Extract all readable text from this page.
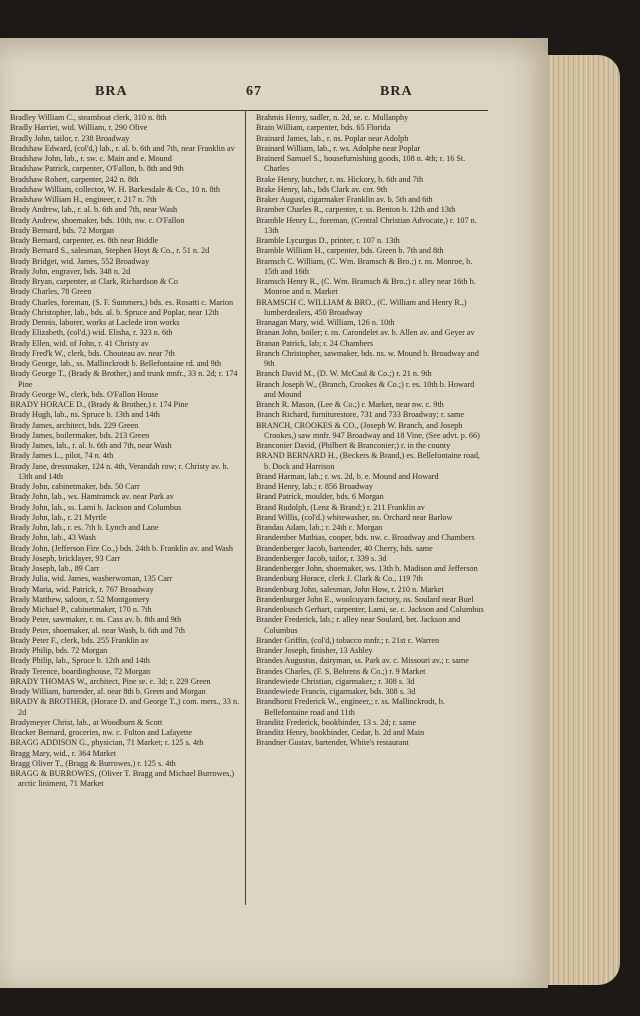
BRA	67	BRA
Bradley William C., steamboat clerk, 310 n. 8th
Bradly Harriet, wid. William, r. 290 Olive
Bradly John, tailor, r. 238 Broadway
Bradshaw Edward, (col'd,) lab., r. al. b. 6th and 7th, near Franklin av
Bradshaw John, lab., r. sw. c. Main and e. Mound
Bradshaw Patrick, carpenter, O'Fallon, b. 8th and 9th
Bradshaw Robert, carpenter, 242 n. 8th
Bradshaw William, collector, W. H. Barkesdale & Co., 10 n. 8th
Bradshaw William H., engineer, r. 217 n. 7th
Brady Andrew, lab., r. al. b. 6th and 7th, near Wash
Brady Andrew, shoemaker, bds. 10th, nw. c. O'Fallon
Brady Bernard, bds. 72 Morgan
Brady Bernard, carpenter, es. 8th near Biddle
Brady Bernard S., salesman, Stephen Hoyt & Co., r. 51 n. 2d
Brady Bridget, wid. James, 552 Broadway
Brady John, engraver, bds. 348 n. 2d
Brady Bryan, carpenter, at Clark, Richardson & Co
Brady Charles, 78 Green
Brady Charles, foreman, (S. F. Summers,) bds. es. Rosatti c. Marion
Brady Christopher, lab., bds. al. b. Spruce and Poplar, near 12th
Brady Dennis, laborer, works at Laclede iron works
Brady Elizabeth, (col'd,) wid. Elisha, r. 323 n. 6th
Brady Ellen, wid. of John, r. 41 Christy av
Brady Fred'k W., clerk, bds. Chouteau av. near 7th
Brady George, lab., ss. Mallinckrodt b. Bellefontaine rd. and 9th
Brady George T., (Brady & Brother,) and trunk mnfr., 33 n. 2d; r. 174 Pine
Brady George W., clerk, bds. O'Fallon House
BRADY HORACE D., (Brady & Brother,) r. 174 Pine
Brady Hugh, lab., ns. Spruce b. 13th and 14th
Brady James, architect, bds. 229 Green
Brady James, boilermaker, bds. 213 Green
Brady James, lab., r. al. b. 6th and 7th, near Wash
Brady James L., pilot, 74 n. 4th
Brady Jane, dressmaker, 124 n. 4th, Verandah row; r. Christy av. b. 13th and 14th
Brady John, cabinetmaker, bds. 50 Carr
Brady John, lab., ws. Hamtramck av. near Park av
Brady John, lab., ss. Lami b. Jackson and Columbus
Brady John, lab., r. 21 Myrtle
Brady John, lab., r. es. 7th b. Lynch and Lane
Brady John, lab., 43 Wash
Brady John, (Jefferson Fire Co.,) bds. 24th b. Franklin av. and Wash
Brady Joseph, bricklayer, 93 Carr
Brady Joseph, lab., 89 Carr
Brady Julia, wid. James, washerwoman, 135 Carr
Brady Maria, wid. Patrick, r. 767 Broadway
Brady Matthew, saloon, r. 52 Montgomery
Brady Michael P., cabinetmaker, 170 n. 7th
Brady Peter, sawmaker, r. ns. Cass av. b. 8th and 9th
Brady Peter, shoemaker, al. near Wash, b. 6th and 7th
Brady Peter F., clerk, bds. 255 Franklin av
Brady Philip, bds. 72 Morgan
Brady Philip, lab., Spruce b. 12th and 14th
Brady Terence, boardinghouse, 72 Morgan
BRADY THOMAS W., architect, Pine se. c. 3d; r. 229 Green
Brady William, bartender, al. near 8th b. Green and Morgan
BRADY & BROTHER, (Horace D. and George T.,) com. mers., 33 n. 2d
Bradymeyer Christ, lab., at Woodburn & Scott
Bracker Bernard, groceries, nw. c. Fulton and Lafayette
BRAGG ADDISON G., physician, 71 Market; r. 125 s. 4th
Bragg Mary, wid., r. 364 Market
Bragg Oliver T., (Bragg & Burrowes,) r. 125 s. 4th
BRAGG & BURROWES, (Oliver T. Bragg and Michael Burrowes,) arctic liniment, 71 Market
Brahmis Henry, sadler, n. 2d, se. c. Mullanphy
Brain William, carpenter, bds. 65 Florida
Brainard James, lab., r. ns. Poplar near Adolph
Brainard William, lab., r. ws. Adolphe near Poplar
Brainerd Samuel S., housefurnishing goods, 108 n. 4th; r. 16 St. Charles
Brake Henry, butcher, r. ns. Hickory, b. 6th and 7th
Brake Henry, lab., bds Clark av. cor. 9th
Braker August, cigarmaker Franklin av. b. 5th and 6th
Bramber Charles R., carpenter, r. ss. Benton b. 12th and 13th
Bramble Henry L., foreman, (Central Christian Advocate,) r. 107 n. 13th
Bramble Lycurgus D., printer, r. 107 n. 13th
Bramble William H., carpenter, bds. Green b. 7th and 8th
Bramsch C. William, (C. Wm. Bramsch & Bro.;) r. ns. Monroe, b. 15th and 16th
Bramsch Henry R., (C. Wm. Bramsch & Bro.;) r. alley near 16th b. Monroe and n. Market
BRAMSCH C. WILLIAM & BRO., (C. William and Henry R.,) lumberdealers, 450 Broadway
Branagan Mary, wid. William, 126 n. 10th
Branan John, boiler; r. ns. Carondelet av. b. Allen av. and Geyer av
Branan Patrick, lab; r. 24 Chambers
Branch Christopher, sawmaker, bds. ns. w. Mound b. Broadway and 9th
Branch David M., (D. W. McCaul & Co.;) r. 21 n. 9th
Branch Joseph W., (Branch, Crookes & Co.;) r. es. 10th b. Howard and Mound
Branch R. Mason, (Lee & Co.;) r. Market, near nw. c. 9th
Branch Richard, furniturestore, 731 and 733 Broadway; r. same
BRANCH, CROOKES & CO., (Joseph W. Branch, and Joseph Crookes,) saw mnfr. 947 Broadway and 18 Vine, (See advt. p. 66)
Branconier David, (Philbert & Branconier;) r. in the county
BRAND BERNARD H., (Beckers & Brand,) es. Bellefontaine road, b. Dock and Harrison
Brand Harman, lab.; r. ws. 2d, b. e. Mound and Howard
Brand Henry, lab.; r. 856 Broadway
Brand Patrick, moulder, bds. 6 Morgan
Brand Rudolph, (Lenz & Brand;) r. 211 Franklin av
Brand Willis, (col'd.) whitewasher, ns. Orchard near Barlow
Brandau Adam, lab.; r. 24th c. Morgan
Brandember Mathias, cooper, bds. nw. c. Broadway and Chambers
Brandenberger Jacob, bartender, 40 Cherry, bds. same
Brandenberger Jacob, tailor, r. 339 s. 3d
Brandenberger John, shoemaker, ws. 13th b. Madison and Jefferson
Brandenburg Horace, clerk J. Clark & Co., 119 7th
Brandenburg John, salesman, John How, r. 210 n. Market
Brandenburger John E., woolcuyarn factory, ns. Soulard near Buel
Brandenbusch Gerhart, carpenter, Lami, se. c. Jackson and Columbus
Brander Frederick, lab.; r. alley near Soulard, bet. Jackson and Columbus
Brander Griffin, (col'd,) tobacco mnfr.; r. 21st c. Warren
Brander Joseph, finisher, 13 Ashley
Brandes Augustus, dairyman, ss. Park av. c. Missouri av.; r. same
Brandes Charles, (F. S. Behrens & Co.;) r. 9 Market
Brandewiede Christian, cigarmaker,; r. 308 s. 3d
Brandewiede Francis, cigarmaker, bds. 308 s. 3d
Brandhorst Frederick W., engineer,; r. ss. Mallinckrodt, b. Bellefontaine road and 11th
Branditz Frederick, bookbinder, 13 s. 2d; r. same
Branditz Henry, bookbinder, Cedar, b. 2d and Main
Brandner Gustav, bartender, White's restaurant
